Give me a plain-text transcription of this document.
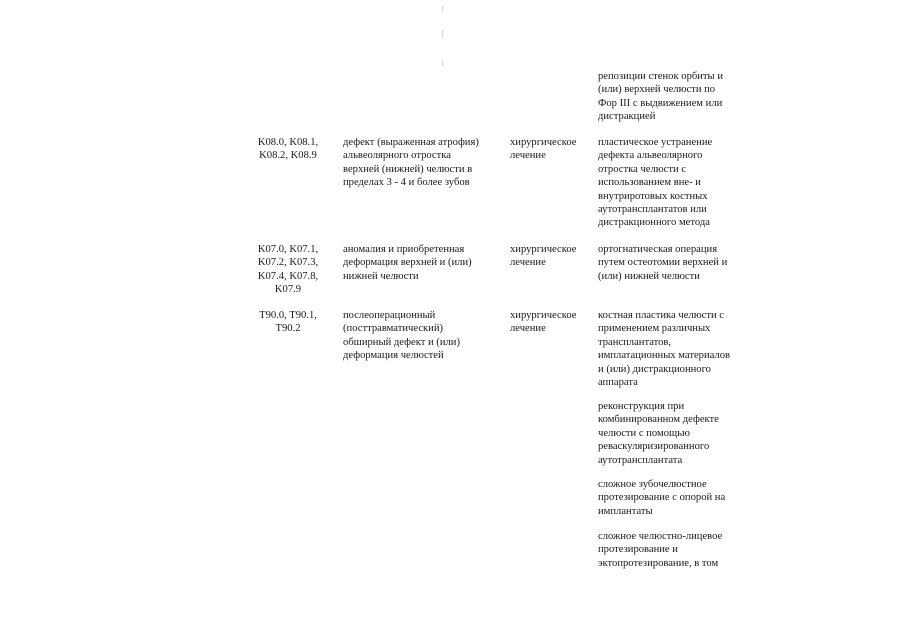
репозиции стенок орбиты и
(или) верхней челюсти по
Фор III с выдвижением или
дистракцией
K08.0, K08.1,
K08.2, K08.9
дефект (выраженная атрофия)
альвеолярного отростка
верхней (нижней) челюсти в
пределах 3 - 4 и более зубов
хирургическое
лечение
пластическое устранение
дефекта альвеолярного
отростка челюсти с
использованием вне- и
внутриротовых костных
аутотрансплантатов или
дистракционного метода
K07.0, K07.1,
K07.2, K07.3,
K07.4, K07.8,
K07.9
аномалия и приобретенная
деформация верхней и (или)
нижней челюсти
хирургическое
лечение
ортогнатическая операция
путем остеотомии верхней и
(или) нижней челюсти
T90.0, T90.1,
T90.2
послеоперационный
(посттравматический)
обширный дефект и (или)
деформация челюстей
хирургическое
лечение
костная пластика челюсти с
применением различных
трансплантатов,
имплатационных материалов
и (или) дистракционного
аппарата
реконструкция при
комбинированном дефекте
челюсти с помощью
реваскуляризированного
аутотрансплантата
сложное зубочелюстное
протезирование с опорой на
имплантаты
сложное челюстно-лицевое
протезирование и
эктопротезирование, в том
